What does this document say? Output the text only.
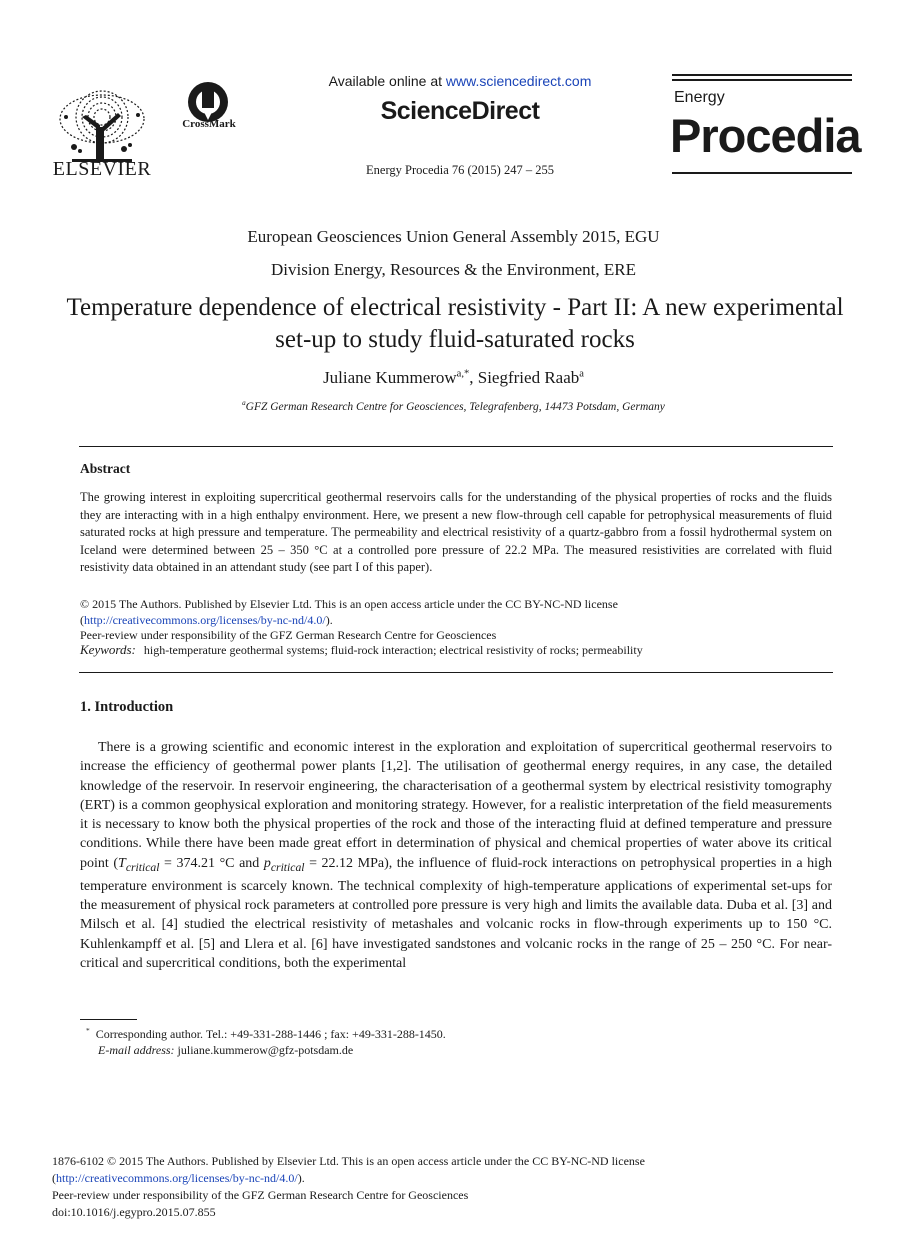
ELSEVIER
CrossMark
Available online at www.sciencedirect.com
ScienceDirect
Energy Procedia 76 (2015) 247 – 255
Energy
Procedia
European Geosciences Union General Assembly 2015, EGU
Division Energy, Resources & the Environment, ERE
Temperature dependence of electrical resistivity - Part II: A new experimental set-up to study fluid-saturated rocks
Juliane Kummerow$^{a,*}$, Siegfried Raab$^a$
$^a$GFZ German Research Centre for Geosciences, Telegrafenberg, 14473 Potsdam, Germany
Abstract
The growing interest in exploiting supercritical geothermal reservoirs calls for the understanding of the physical properties of rocks and the fluids they are interacting with in a high enthalpy environment. Here, we present a new flow-through cell capable for petrophysical measurements of fluid saturated rocks at high pressure and temperature. The permeability and electrical resistivity of a quartz-gabbro from a fossil hydrothermal system on Iceland were determined between 25 – 350 °C at a controlled pore pressure of 22.2 MPa. The measured resistivities are correlated with fluid resistivity data obtained in an attendant study (see part I of this paper).
© 2015 The Authors. Published by Elsevier Ltd. This is an open access article under the CC BY-NC-ND license
(http://creativecommons.org/licenses/by-nc-nd/4.0/).
Peer-review under responsibility of the GFZ German Research Centre for Geosciences
Keywords: high-temperature geothermal systems; fluid-rock interaction; electrical resistivity of rocks; permeability
1. Introduction
There is a growing scientific and economic interest in the exploration and exploitation of supercritical geothermal reservoirs to increase the efficiency of geothermal power plants [1,2]. The utilisation of geothermal energy requires, in any case, the detailed knowledge of the reservoir. In reservoir engineering, the characterisation of a geothermal system by electrical resistivity tomography (ERT) is a common geophysical exploration and monitoring strategy. However, for a realistic interpretation of the field measurements it is necessary to know both the physical properties of the rock and those of the interacting fluid at defined temperature and pressure conditions. While there have been made great effort in determination of physical and chemical properties of water above its critical point ($T_{critical} = 374.21$ °C and $p_{critical} = 22.12$ MPa), the influence of fluid-rock interactions on petrophysical properties in a high temperature environment is scarcely known. The technical complexity of high-temperature applications of experimental set-ups for the measurement of physical rock parameters at controlled pore pressure is very high and limits the available data. Duba et al. [3] and Milsch et al. [4] studied the electrical resistivity of metashales and volcanic rocks in flow-through experiments up to 150 °C. Kuhlenkampff et al. [5] and Llera et al. [6] have investigated sandstones and volcanic rocks in the range of 25 – 250 °C. For near-critical and supercritical conditions, both the experimental
* Corresponding author. Tel.: +49-331-288-1446 ; fax: +49-331-288-1450.
E-mail address: juliane.kummerow@gfz-potsdam.de
1876-6102 © 2015 The Authors. Published by Elsevier Ltd. This is an open access article under the CC BY-NC-ND license
(http://creativecommons.org/licenses/by-nc-nd/4.0/).
Peer-review under responsibility of the GFZ German Research Centre for Geosciences
doi:10.1016/j.egypro.2015.07.855
